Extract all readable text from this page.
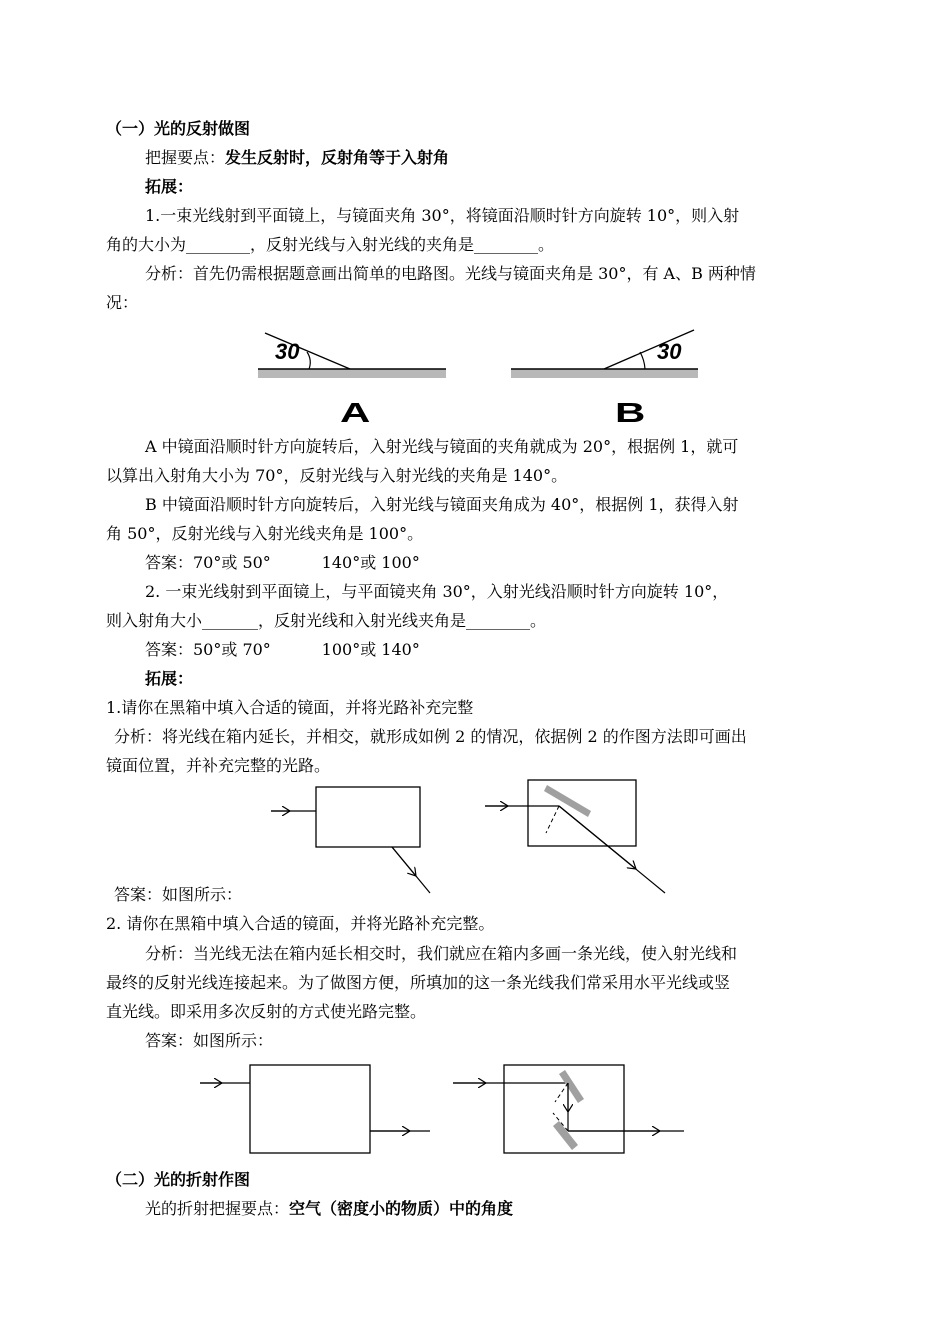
（一）光的反射做图
把握要点：发生反射时，反射角等于入射角
拓展：
1.一束光线射到平面镜上，与镜面夹角 30°，将镜面沿顺时针方向旋转 10°，则入射
角的大小为________，反射光线与入射光线的夹角是________。
分析：首先仍需根据题意画出简单的电路图。光线与镜面夹角是 30°，有 A、B 两种情
况：
30	30
A	B
A 中镜面沿顺时针方向旋转后，入射光线与镜面的夹角就成为 20°，根据例 1，就可
以算出入射角大小为 70°，反射光线与入射光线的夹角是 140°。
B 中镜面沿顺时针方向旋转后，入射光线与镜面夹角成为 40°，根据例 1，获得入射
角 50°，反射光线与入射光线夹角是 100°。
答案：70°或 50°          140°或 100°
2. 一束光线射到平面镜上，与平面镜夹角 30°，入射光线沿顺时针方向旋转 10°，
则入射角大小_______，反射光线和入射光线夹角是________。
答案：50°或 70°          100°或 140°
拓展：
1.请你在黑箱中填入合适的镜面，并将光路补充完整
分析：将光线在箱内延长，并相交，就形成如例 2 的情况，依据例 2 的作图方法即可画出
镜面位置，并补充完整的光路。
答案：如图所示：
2. 请你在黑箱中填入合适的镜面，并将光路补充完整。
分析：当光线无法在箱内延长相交时，我们就应在箱内多画一条光线，使入射光线和
最终的反射光线连接起来。为了做图方便，所填加的这一条光线我们常采用水平光线或竖
直光线。即采用多次反射的方式使光路完整。
答案：如图所示：
（二）光的折射作图
光的折射把握要点：空气（密度小的物质）中的角度
